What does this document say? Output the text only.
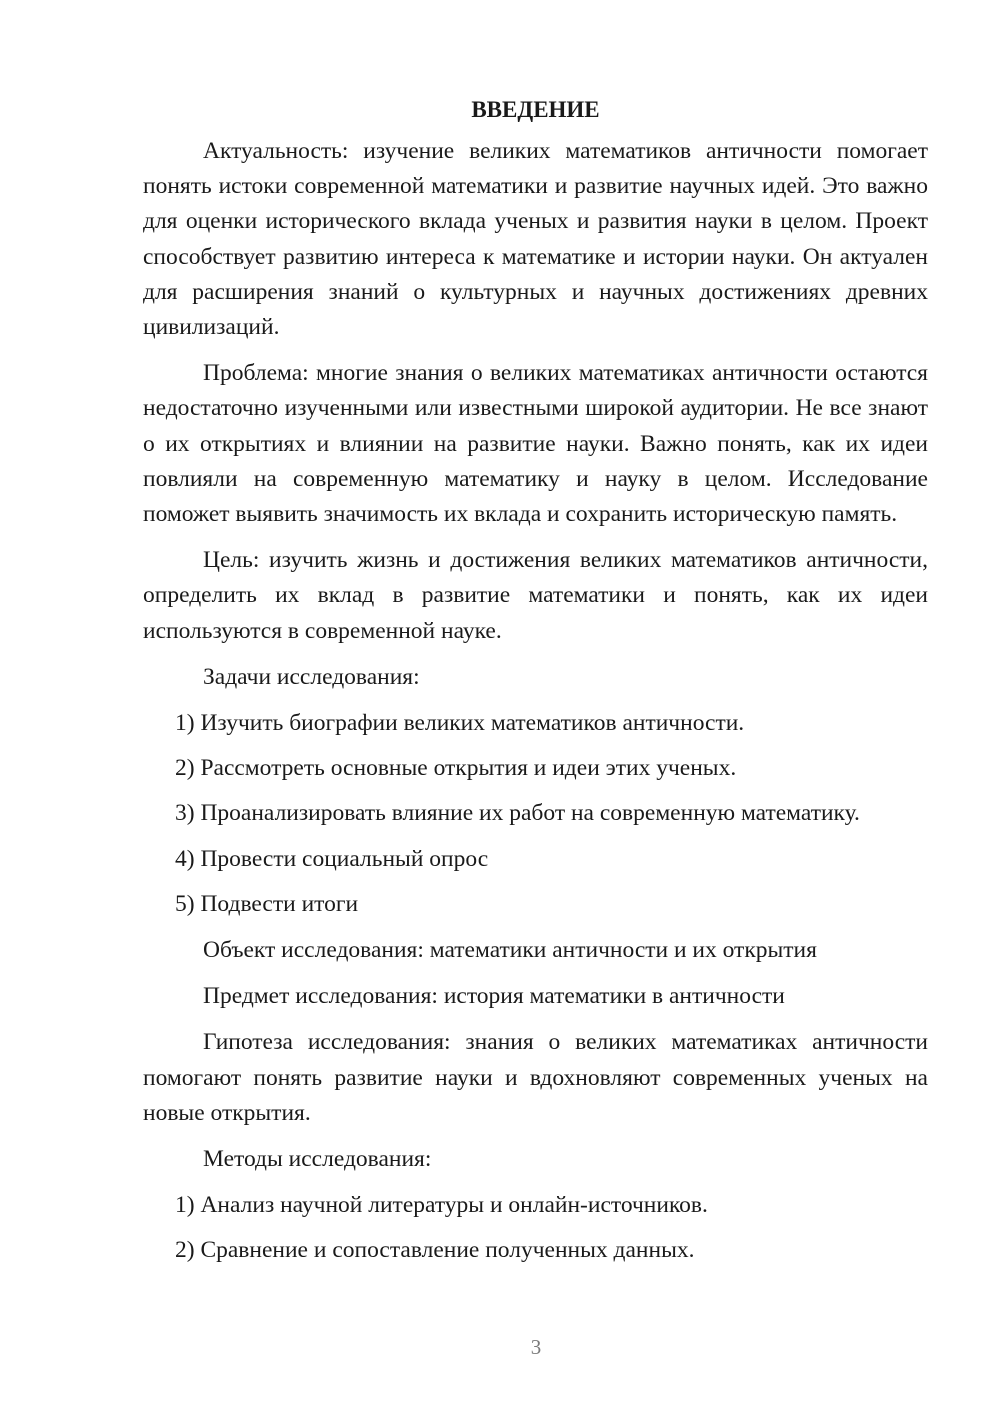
ВВЕДЕНИЕ

Актуальность: изучение великих математиков античности помогает понять истоки современной математики и развитие научных идей. Это важно для оценки исторического вклада ученых и развития науки в целом. Проект способствует развитию интереса к математике и истории науки. Он актуален для расширения знаний о культурных и научных достижениях древних цивилизаций.

Проблема: многие знания о великих математиках античности остаются недостаточно изученными или известными широкой аудитории. Не все знают о их открытиях и влиянии на развитие науки. Важно понять, как их идеи повлияли на современную математику и науку в целом. Исследование поможет выявить значимость их вклада и сохранить историческую память.

Цель: изучить жизнь и достижения великих математиков античности, определить их вклад в развитие математики и понять, как их идеи используются в современной науке.

Задачи исследования:

1) Изучить биографии великих математиков античности.
2) Рассмотреть основные открытия и идеи этих ученых.
3) Проанализировать влияние их работ на современную математику.
4) Провести социальный опрос
5) Подвести итоги

Объект исследования: математики античности и их открытия

Предмет исследования: история математики в античности

Гипотеза исследования: знания о великих математиках античности помогают понять развитие науки и вдохновляют современных ученых на новые открытия.

Методы исследования:

1) Анализ научной литературы и онлайн-источников.
2) Сравнение и сопоставление полученных данных.
3
